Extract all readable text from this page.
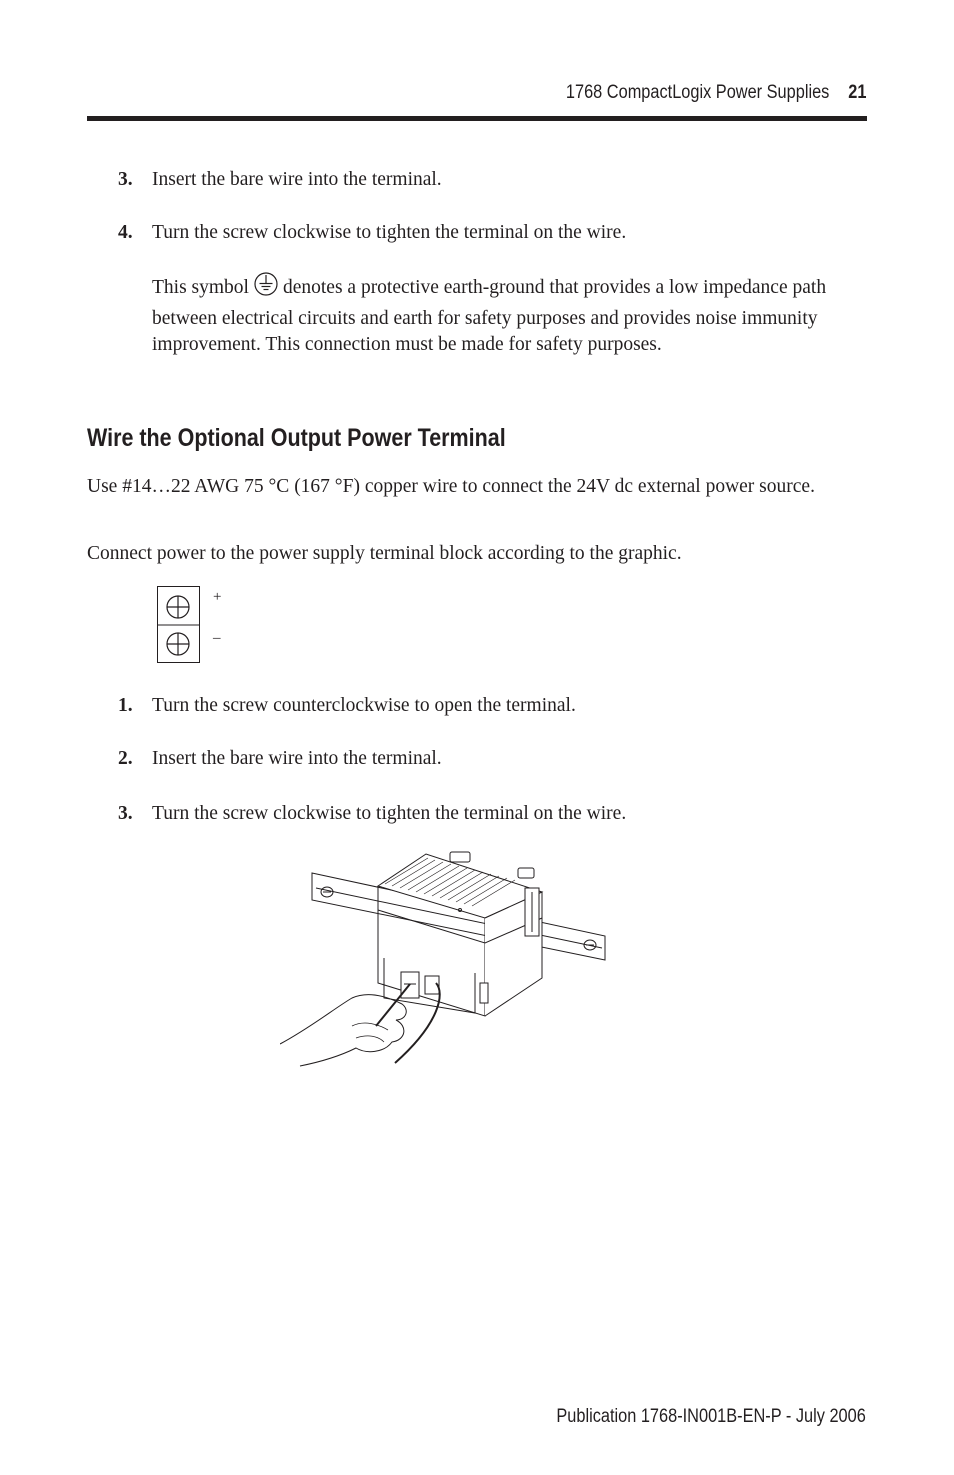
1768 CompactLogix Power Supplies 21
3. Insert the bare wire into the terminal.
4. Turn the screw clockwise to tighten the terminal on the wire.
This symbol denotes a protective earth-ground that provides a low impedance path between electrical circuits and earth for safety purposes and provides noise immunity improvement. This connection must be made for safety purposes.
Wire the Optional Output Power Terminal
Use #14…22 AWG 75 °C (167 °F) copper wire to connect the 24V dc external power source.
Connect power to the power supply terminal block according to the graphic.
+
–
1. Turn the screw counterclockwise to open the terminal.
2. Insert the bare wire into the terminal.
3. Turn the screw clockwise to tighten the terminal on the wire.
Publication 1768-IN001B-EN-P - July 2006
